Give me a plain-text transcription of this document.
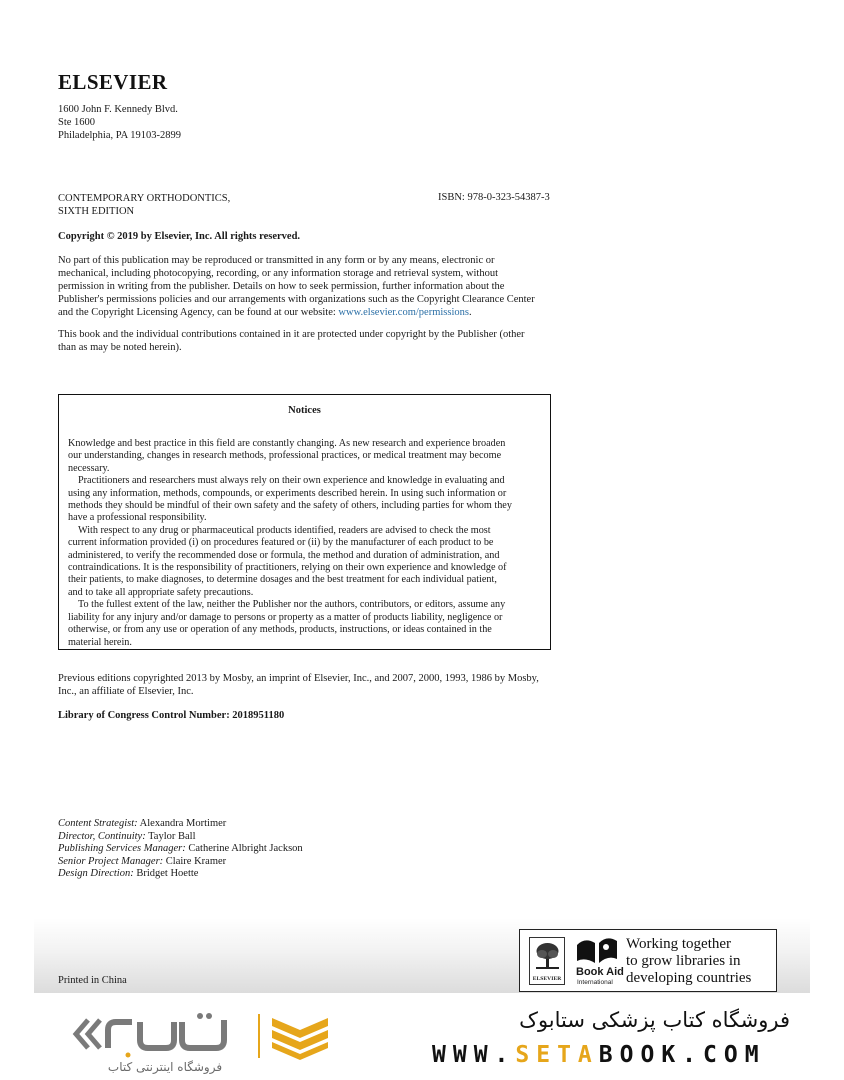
ELSEVIER
1600 John F. Kennedy Blvd.
Ste 1600
Philadelphia, PA 19103-2899
CONTEMPORARY ORTHODONTICS,
SIXTH EDITION
ISBN: 978-0-323-54387-3
Copyright © 2019 by Elsevier, Inc. All rights reserved.
No part of this publication may be reproduced or transmitted in any form or by any means, electronic or
mechanical, including photocopying, recording, or any information storage and retrieval system, without
permission in writing from the publisher. Details on how to seek permission, further information about the
Publisher's permissions policies and our arrangements with organizations such as the Copyright Clearance Center
and the Copyright Licensing Agency, can be found at our website: www.elsevier.com/permissions.
This book and the individual contributions contained in it are protected under copyright by the Publisher (other
than as may be noted herein).
Notices
Knowledge and best practice in this field are constantly changing. As new research and experience broaden
our understanding, changes in research methods, professional practices, or medical treatment may become
necessary.
Practitioners and researchers must always rely on their own experience and knowledge in evaluating and
using any information, methods, compounds, or experiments described herein. In using such information or
methods they should be mindful of their own safety and the safety of others, including parties for whom they
have a professional responsibility.
With respect to any drug or pharmaceutical products identified, readers are advised to check the most
current information provided (i) on procedures featured or (ii) by the manufacturer of each product to be
administered, to verify the recommended dose or formula, the method and duration of administration, and
contraindications. It is the responsibility of practitioners, relying on their own experience and knowledge of
their patients, to make diagnoses, to determine dosages and the best treatment for each individual patient,
and to take all appropriate safety precautions.
To the fullest extent of the law, neither the Publisher nor the authors, contributors, or editors, assume any
liability for any injury and/or damage to persons or property as a matter of products liability, negligence or
otherwise, or from any use or operation of any methods, products, instructions, or ideas contained in the
material herein.
Previous editions copyrighted 2013 by Mosby, an imprint of Elsevier, Inc., and 2007, 2000, 1993, 1986 by Mosby,
Inc., an affiliate of Elsevier, Inc.
Library of Congress Control Number: 2018951180
Content Strategist: Alexandra Mortimer
Director, Continuity: Taylor Ball
Publishing Services Manager: Catherine Albright Jackson
Senior Project Manager: Claire Kramer
Design Direction: Bridget Hoette
Printed in China	ELSEVIER
Book Aid
International
Working together
to grow libraries in
developing countries
فروشگاه اینترنتی کتاب
فروشگاه کتاب پزشکی ستابوک
WWW.SETABOOK.COM
